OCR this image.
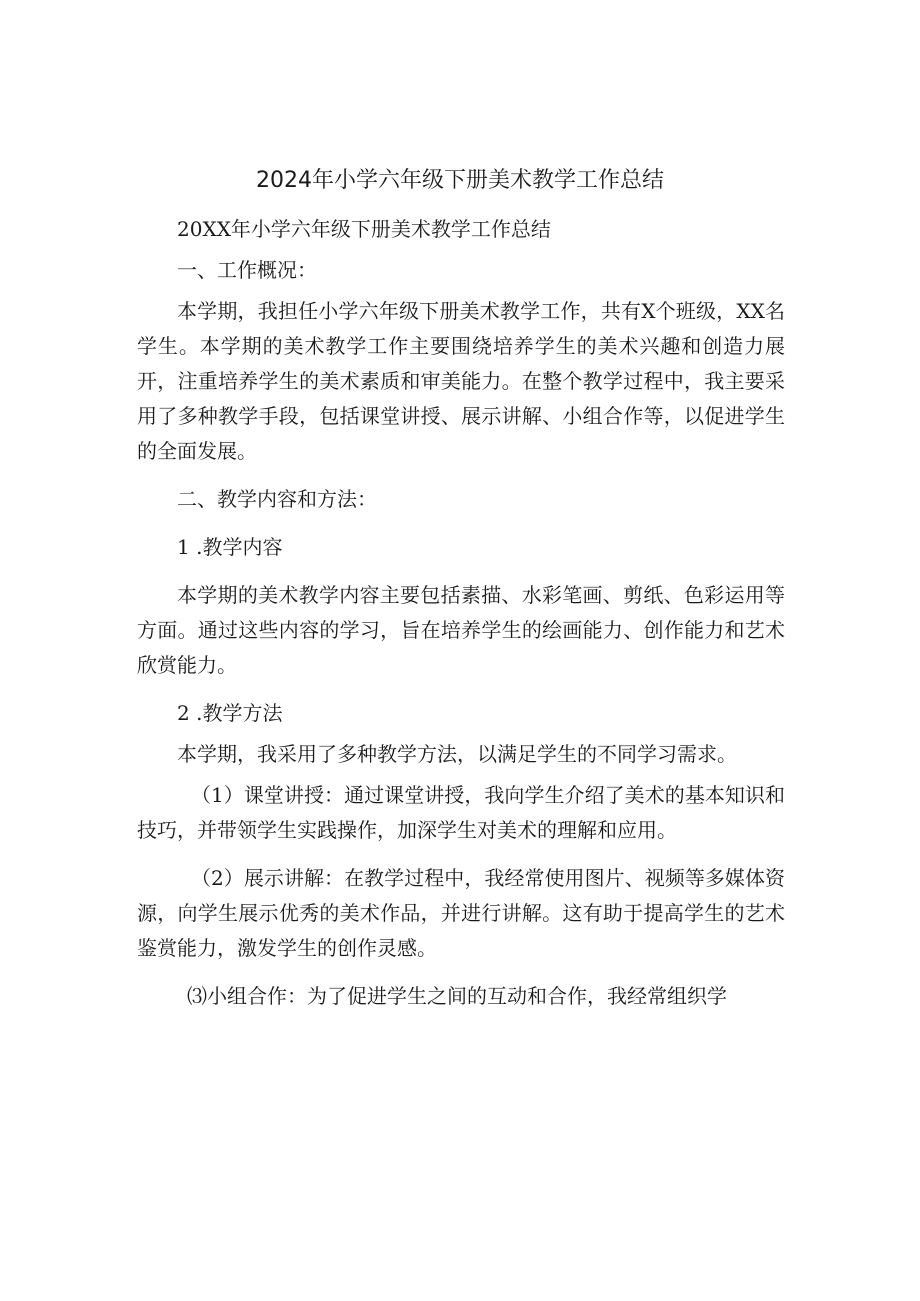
2024年小学六年级下册美术教学工作总结

20XX年小学六年级下册美术教学工作总结

一、工作概况：

本学期，我担任小学六年级下册美术教学工作，共有X个班级，XX名学生。本学期的美术教学工作主要围绕培养学生的美术兴趣和创造力展开，注重培养学生的美术素质和审美能力。在整个教学过程中，我主要采用了多种教学手段，包括课堂讲授、展示讲解、小组合作等，以促进学生的全面发展。

二、教学内容和方法：

1 .教学内容

本学期的美术教学内容主要包括素描、水彩笔画、剪纸、色彩运用等方面。通过这些内容的学习，旨在培养学生的绘画能力、创作能力和艺术欣赏能力。

2 .教学方法

本学期，我采用了多种教学方法，以满足学生的不同学习需求。

（1）课堂讲授：通过课堂讲授，我向学生介绍了美术的基本知识和技巧，并带领学生实践操作，加深学生对美术的理解和应用。

（2）展示讲解：在教学过程中，我经常使用图片、视频等多媒体资源，向学生展示优秀的美术作品，并进行讲解。这有助于提高学生的艺术鉴赏能力，激发学生的创作灵感。

⑶小组合作：为了促进学生之间的互动和合作，我经常组织学
